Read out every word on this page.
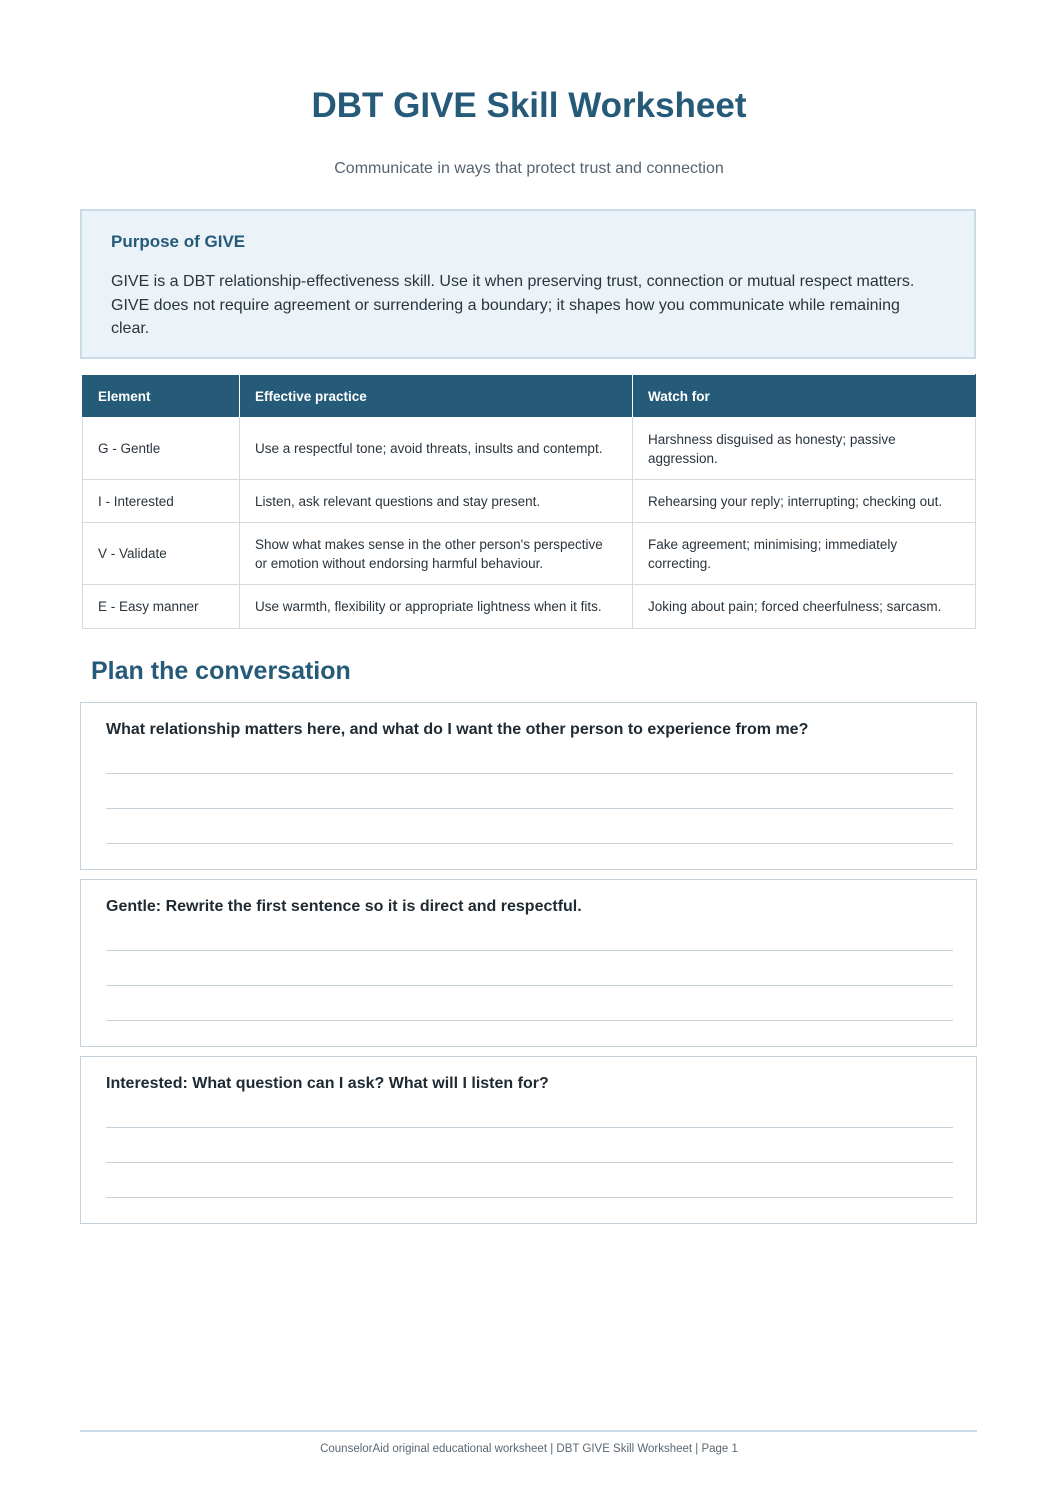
DBT GIVE Skill Worksheet
Communicate in ways that protect trust and connection
Purpose of GIVE
GIVE is a DBT relationship-effectiveness skill. Use it when preserving trust, connection or mutual respect matters. GIVE does not require agreement or surrendering a boundary; it shapes how you communicate while remaining clear.
Element	Effective practice	Watch for
G - Gentle	Use a respectful tone; avoid threats, insults and contempt.	Harshness disguised as honesty; passive aggression.
I - Interested	Listen, ask relevant questions and stay present.	Rehearsing your reply; interrupting; checking out.
V - Validate	Show what makes sense in the other person's perspective or emotion without endorsing harmful behaviour.	Fake agreement; minimising; immediately correcting.
E - Easy manner	Use warmth, flexibility or appropriate lightness when it fits.	Joking about pain; forced cheerfulness; sarcasm.
Plan the conversation
What relationship matters here, and what do I want the other person to experience from me?
Gentle: Rewrite the first sentence so it is direct and respectful.
Interested: What question can I ask? What will I listen for?
CounselorAid original educational worksheet | DBT GIVE Skill Worksheet | Page 1
